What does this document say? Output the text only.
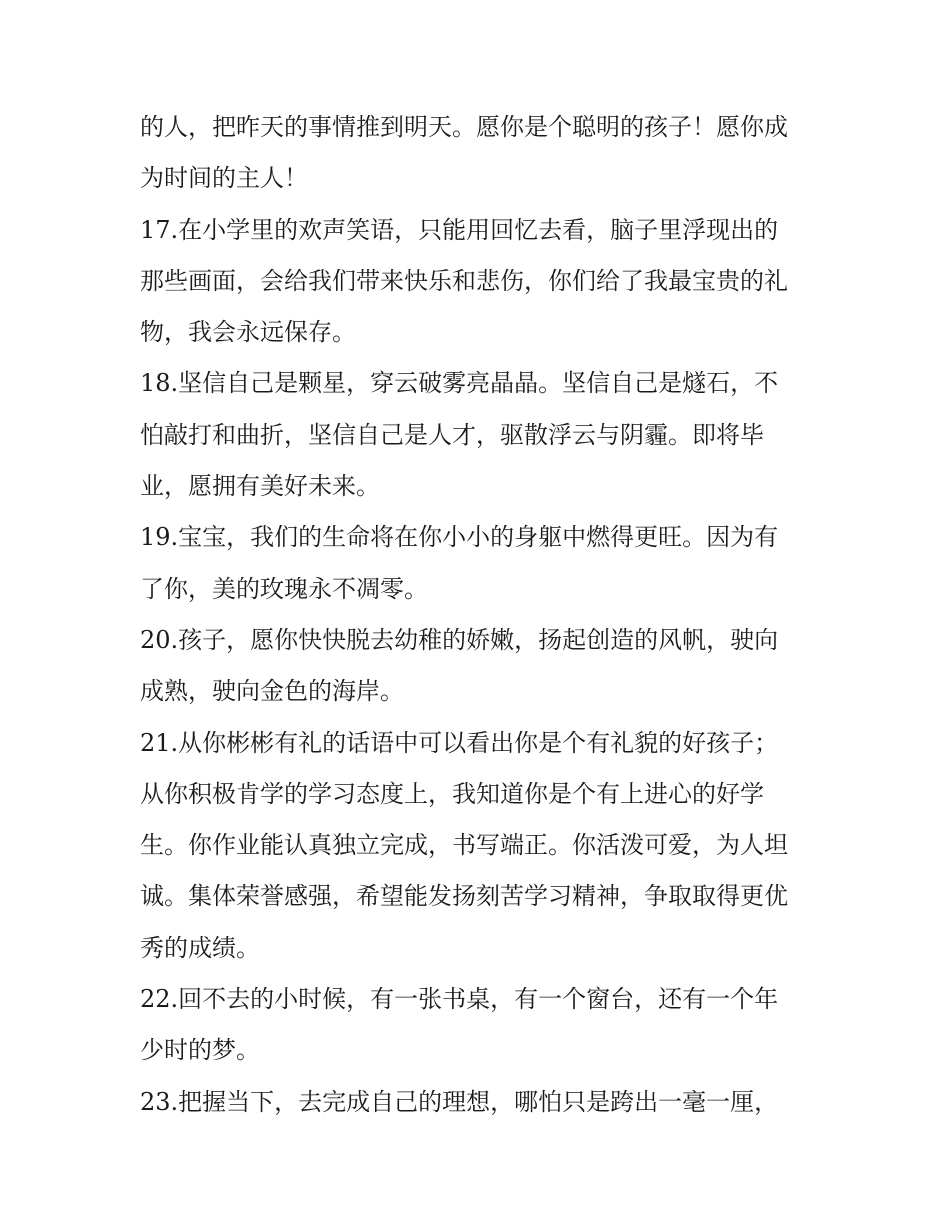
的人，把昨天的事情推到明天。愿你是个聪明的孩子！愿你成
为时间的主人！
17.在小学里的欢声笑语，只能用回忆去看，脑子里浮现出的
那些画面，会给我们带来快乐和悲伤，你们给了我最宝贵的礼
物，我会永远保存。
18.坚信自己是颗星，穿云破雾亮晶晶。坚信自己是燧石，不
怕敲打和曲折，坚信自己是人才，驱散浮云与阴霾。即将毕
业，愿拥有美好未来。
19.宝宝，我们的生命将在你小小的身躯中燃得更旺。因为有
了你，美的玫瑰永不凋零。
20.孩子，愿你快快脱去幼稚的娇嫩，扬起创造的风帆，驶向
成熟，驶向金色的海岸。
21.从你彬彬有礼的话语中可以看出你是个有礼貌的好孩子；
从你积极肯学的学习态度上，我知道你是个有上进心的好学
生。你作业能认真独立完成，书写端正。你活泼可爱，为人坦
诚。集体荣誉感强，希望能发扬刻苦学习精神，争取取得更优
秀的成绩。
22.回不去的小时候，有一张书桌，有一个窗台，还有一个年
少时的梦。
23.把握当下，去完成自己的理想，哪怕只是跨出一毫一厘，
